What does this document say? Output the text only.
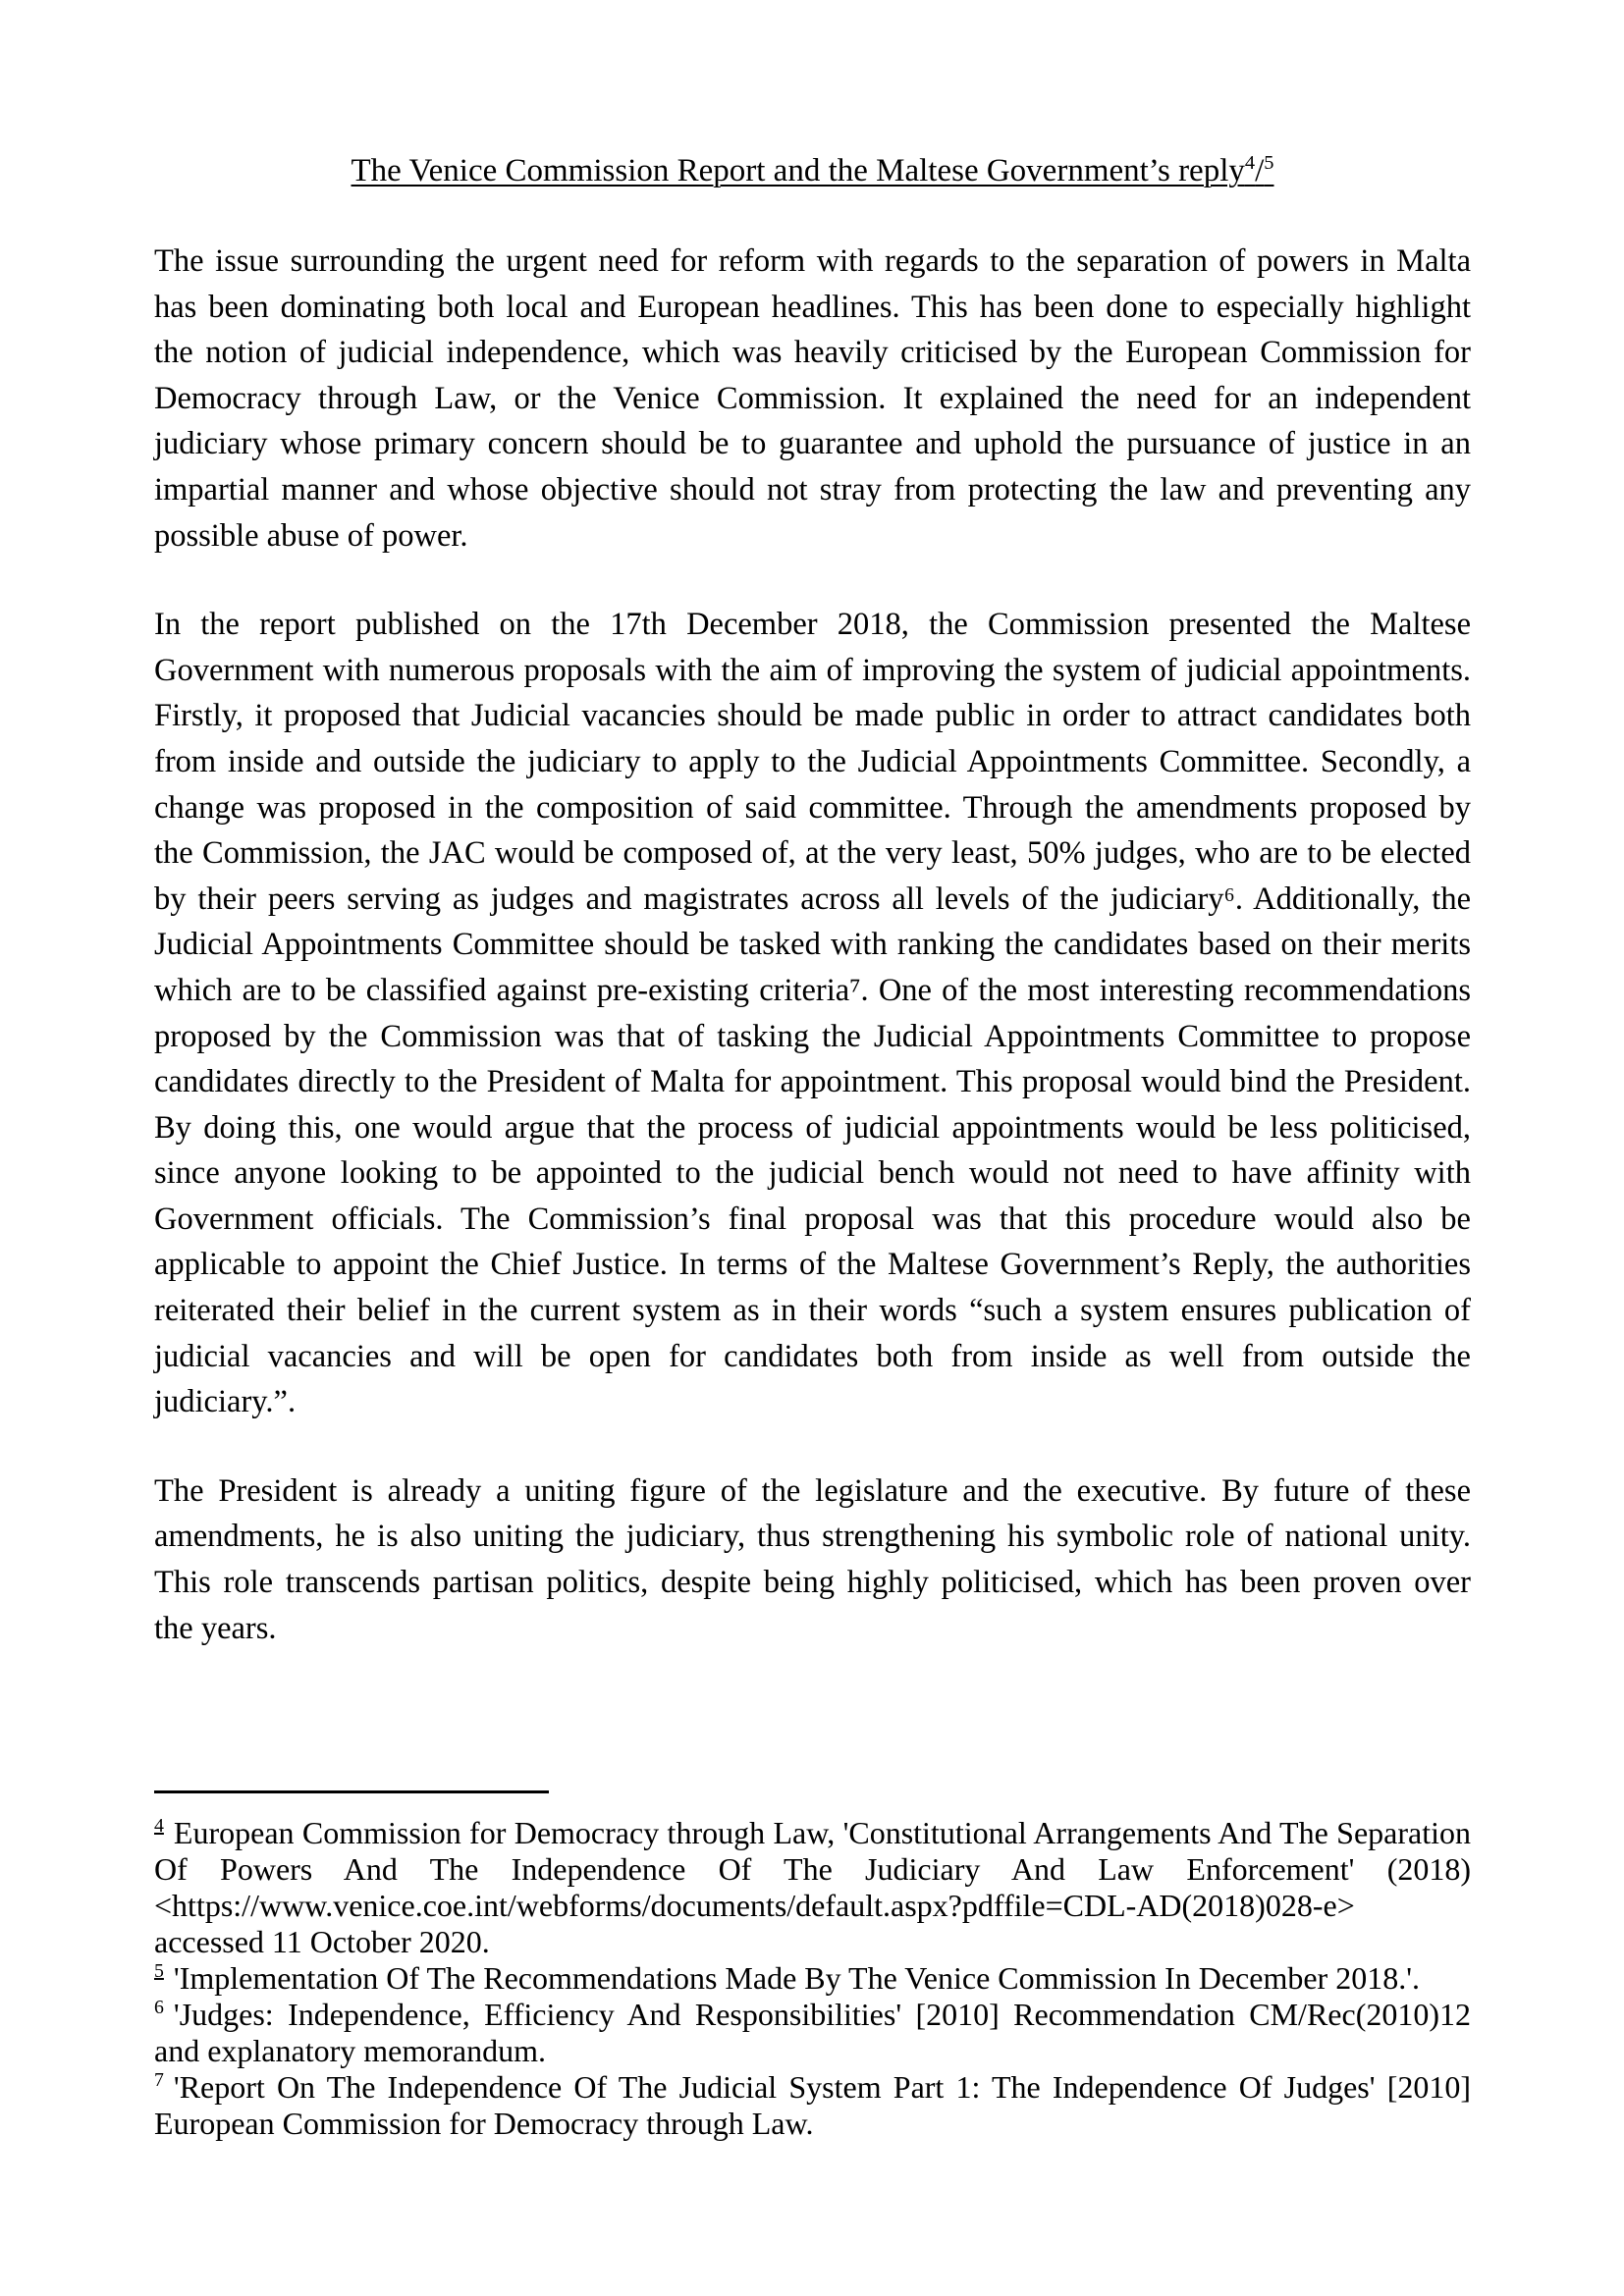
The Venice Commission Report and the Maltese Government’s reply$^4$/$^5$
The issue surrounding the urgent need for reform with regards to the separation of powers in Malta
has been dominating both local and European headlines. This has been done to especially highlight
the notion of judicial independence, which was heavily criticised by the European Commission for
Democracy through Law, or the Venice Commission. It explained the need for an independent
judiciary whose primary concern should be to guarantee and uphold the pursuance of justice in an
impartial manner and whose objective should not stray from protecting the law and preventing any
possible abuse of power.
In the report published on the 17th December 2018, the Commission presented the Maltese
Government with numerous proposals with the aim of improving the system of judicial appointments.
Firstly, it proposed that Judicial vacancies should be made public in order to attract candidates both
from inside and outside the judiciary to apply to the Judicial Appointments Committee. Secondly, a
change was proposed in the composition of said committee. Through the amendments proposed by
the Commission, the JAC would be composed of, at the very least, 50% judges, who are to be elected
by their peers serving as judges and magistrates across all levels of the judiciary⁶. Additionally, the
Judicial Appointments Committee should be tasked with ranking the candidates based on their merits
which are to be classified against pre-existing criteria⁷. One of the most interesting recommendations
proposed by the Commission was that of tasking the Judicial Appointments Committee to propose
candidates directly to the President of Malta for appointment. This proposal would bind the President.
By doing this, one would argue that the process of judicial appointments would be less politicised,
since anyone looking to be appointed to the judicial bench would not need to have affinity with
Government officials. The Commission’s final proposal was that this procedure would also be
applicable to appoint the Chief Justice. In terms of the Maltese Government’s Reply, the authorities
reiterated their belief in the current system as in their words “such a system ensures publication of
judicial vacancies and will be open for candidates both from inside as well from outside the
judiciary.”.
The President is already a uniting figure of the legislature and the executive. By future of these
amendments, he is also uniting the judiciary, thus strengthening his symbolic role of national unity.
This role transcends partisan politics, despite being highly politicised, which has been proven over
the years.
$^4$ European Commission for Democracy through Law, 'Constitutional Arrangements And The Separation Of Powers And The Independence Of The Judiciary And Law Enforcement' (2018) <https://www.venice.coe.int/webforms/documents/default.aspx?pdffile=CDL-AD(2018)028-e> accessed 11 October 2020.
$^5$ 'Implementation Of The Recommendations Made By The Venice Commission In December 2018.'.
$^6$ 'Judges: Independence, Efficiency And Responsibilities' [2010] Recommendation CM/Rec(2010)12 and explanatory memorandum.
$^7$ 'Report On The Independence Of The Judicial System Part 1: The Independence Of Judges' [2010] European Commission for Democracy through Law.
